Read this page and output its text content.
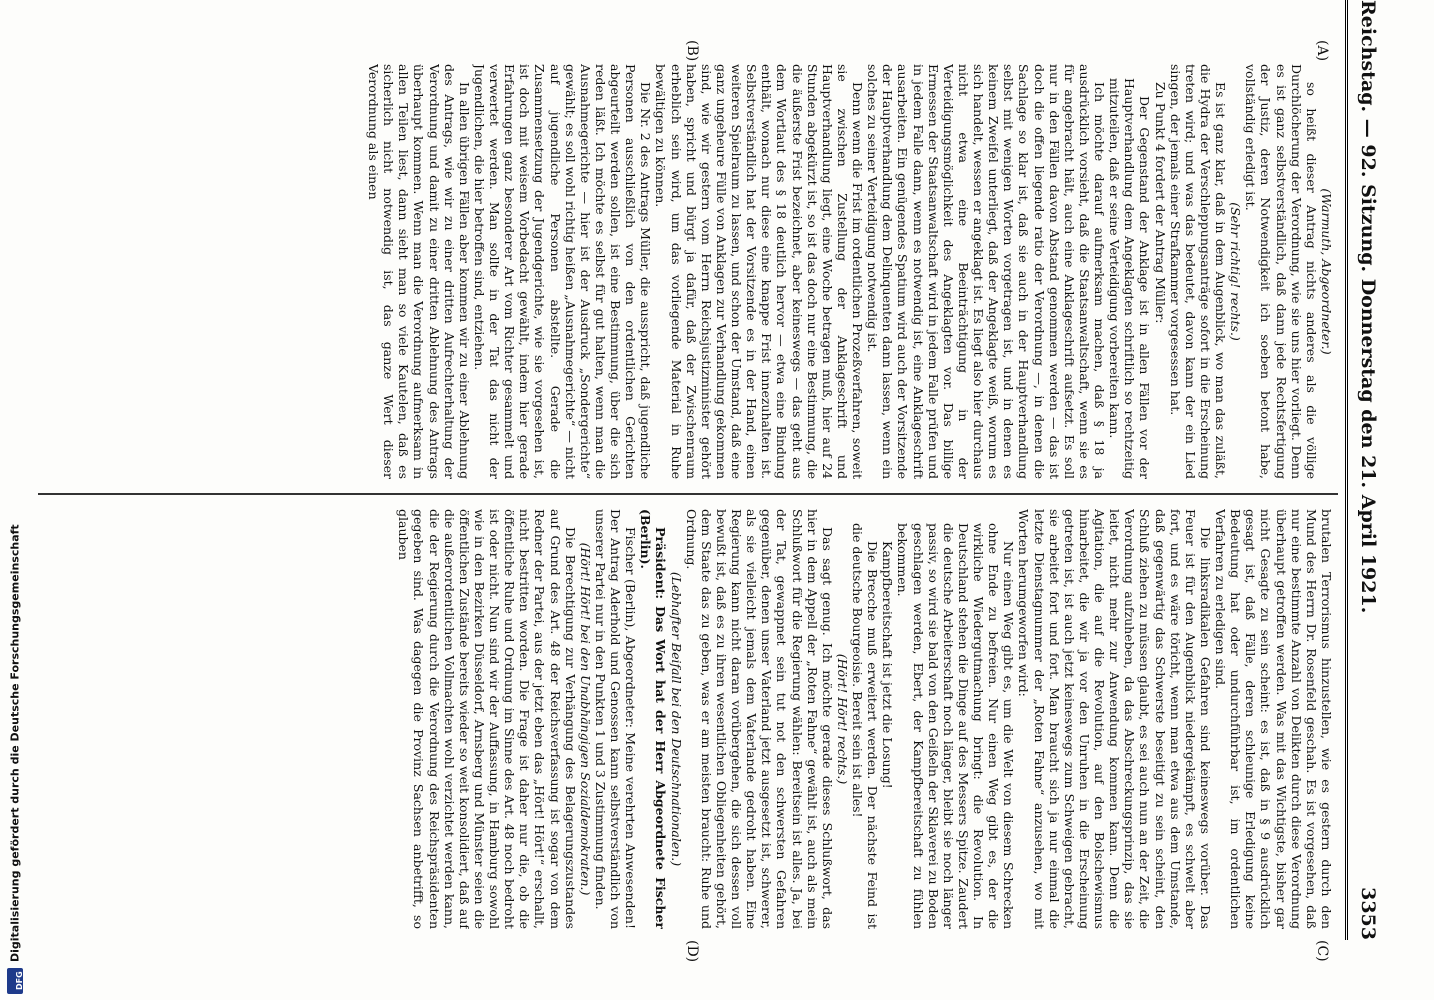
Reichstag. — 92. Sitzung. Donnerstag den 21. April 1921.
3353
(A)
(B)
(C)
(D)

(Warmuth, Abgeordneter.)

so heißt dieser Antrag nichts anderes als die völlige Durchlöcherung der Verordnung, wie sie uns hier vorliegt. Denn es ist ganz selbstverständlich, daß dann jede Rechtsfertigung der Justiz, deren Notwendigkeit ich soeben betont habe, vollständig erledigt ist.

(Sehr richtig! rechts.)

Es ist ganz klar, daß in dem Augenblick, wo man das zuläßt, die Hydra der Verschleppungsanträge sofort in die Erscheinung treten wird; und was das bedeutet, davon kann der ein Lied singen, der jemals einer Strafkammer vorgesessen hat.

Zu Punkt 4 fordert der Antrag Müller:

Der Gegenstand der Anklage ist in allen Fällen vor der Hauptverhandlung dem Angeklagten schriftlich so rechtzeitig mitzuteilen, daß er seine Verteidigung vorbereiten kann.

Ich möchte darauf aufmerksam machen, daß § 18 ja ausdrücklich vorsieht, daß die Staatsanwaltschaft, wenn sie es für angebracht hält, auch eine Anklageschrift aufsetzt. Es soll nur in den Fällen davon Abstand genommen werden — das ist doch die offen liegende ratio der Verordnung —, in denen die Sachlage so klar ist, daß sie auch in der Hauptverhandlung selbst mit wenigen Worten vorgetragen ist, und in denen es keinem Zweifel unterliegt, daß der Angeklagte weiß, worum es sich handelt, wessen er angeklagt ist. Es liegt also hier durchaus nicht etwa eine Beeinträchtigung in der Verteidigungsmöglichkeit des Angeklagten vor. Das billige Ermessen der Staatsanwaltschaft wird in jedem Falle prüfen und in jedem Falle dann, wenn es notwendig ist, eine Anklageschrift ausarbeiten. Ein genügendes Spatium wird auch der Vorsitzende der Hauptverhandlung dem Delinquenten dann lassen, wenn ein solches zu seiner Verteidigung notwendig ist.

Denn wenn die Frist im ordentlichen Prozeßverfahren, soweit sie zwischen Zustellung der Anklageschrift und Hauptverhandlung liegt, eine Woche betragen muß, hier auf 24 Stunden abgekürzt ist, so ist das doch nur eine Bestimmung, die die äußerste Frist bezeichnet, aber keineswegs — das geht aus dem Wortlaut des § 18 deutlich hervor — etwa eine Bindung enthält, wonach nur diese eine knappe Frist innezuhalten ist. Selbstverständlich hat der Vorsitzende es in der Hand, einen weiteren Spielraum zu lassen, und schon der Umstand, daß eine ganz ungeheure Fülle von Anklagen zur Verhandlung gekommen sind, wie wir gestern vom Herrn Reichsjustizminister gehört haben, spricht und bürgt ja dafür, daß der Zwischenraum erheblich sein wird, um das vorliegende Material in Ruhe bewältigen zu können.

Die Nr. 2 des Antrags Müller, die ausspricht, daß jugendliche Personen ausschließlich von den ordentlichen Gerichten abgeurteilt werden sollen, ist eine Bestimmung, über die sich reden läßt. Ich möchte es selbst für gut halten, wenn man die Ausnahmegerichte — hier ist der Ausdruck „Sondergerichte“ gewählt; es soll wohl richtig heißen „Ausnahmegerichte“ — nicht auf jugendliche Personen abstellte. Gerade die Zusammensetzung der Jugendgerichte, wie sie vorgesehen ist, ist doch mit weisem Vorbedacht gewählt, indem hier gerade Erfahrungen ganz besonderer Art vom Richter gesammelt und verwertet werden. Man sollte in der Tat das nicht der Jugendlichen, die hier betroffen sind, entziehen.

In allen übrigen Fällen aber kommen wir zu einer Ablehnung des Antrags, wie wir zu einer dritten Aufrechterhaltung der Verordnung und damit zu einer dritten Ablehnung des Antrags überhaupt kommen. Wenn man die Verordnung aufmerksam in allen Teilen liest, dann sieht man so viele Kautelen, daß es sicherlich nicht notwendig ist, das ganze Wert dieser Verordnung als einen

brutalen Terrorismus hinzustellen, wie es gestern durch den Mund des Herrn Dr. Rosenfeld geschah. Es ist vorgesehen, daß nur eine bestimmte Anzahl von Delikten durch diese Verordnung überhaupt getroffen werden. Was mit das Wichtigste, bisher gar nicht Gesagte zu sein scheint: es ist, daß in § 9 ausdrücklich gesagt ist, daß Fälle, deren schleunige Erledigung keine Bedeutung hat oder undurchführbar ist, im ordentlichen Verfahren zu erledigen sind.

Die linksradikalen Gefahren sind keineswegs vorüber. Das Feuer ist für den Augenblick niedergekämpft, es schwelt aber fort, und es wäre töricht, wenn man etwa aus dem Umstande, daß gegenwärtig das Schwerste beseitigt zu sein scheint, den Schluß ziehen zu müssen glaubt, es sei auch nun an der Zeit, die Verordnung aufzuheben, da das Abschreckungsprinzip, das sie leitet, nicht mehr zur Anwendung kommen kann. Denn die Agitation, die auf die Revolution, auf den Bolschewismus hinarbeitet, die wir ja vor den Unruhen in die Erscheinung getreten ist, ist auch jetzt keineswegs zum Schweigen gebracht, sie arbeitet fort und fort. Man braucht sich ja nur einmal die letzte Dienstagnummer der „Roten Fahne“ anzusehen, wo mit Worten herumgeworfen wird:

Nur einen Weg gibt es, um die Welt von diesem Schrecken ohne Ende zu befreien. Nur einen Weg gibt es, der die wirkliche Wiedergutmachung bringt: die Revolution. In Deutschland stehen die Dinge auf des Messers Spitze. Zaudert die deutsche Arbeiterschaft noch länger, bleibt sie noch länger passiv, so wird sie bald von den Geißeln der Sklaverei zu Boden geschlagen werden, Ebert, der Kampfbereitschaft zu fühlen bekommen.

Kampfbereitschaft ist jetzt die Losung!

Die Brecche muß erweitert werden. Der nächste Feind ist die deutsche Bourgeoisie. Bereit sein ist alles!

(Hört! Hört! rechts.)

Das sagt genug. Ich möchte gerade dieses Schlußwort, das hier in dem Appell der „Roten Fahne“ gewählt ist, auch als mein Schlußwort für die Regierung wählen: Bereitsein ist alles. Ja, bei der Tat, gewappnet sein tut not den schwersten Gefahren gegenüber, denen unser Vaterland jetzt ausgesetzt ist, schwerer, als sie vielleicht jemals dem Vaterlande gedroht haben. Eine Regierung kann nicht daran vorübergehen, die sich dessen voll bewußt ist, daß es zu ihren wesentlichen Obliegenheiten gehört, dem Staate das zu geben, was er am meisten braucht: Ruhe und Ordnung.

(Lebhafter Beifall bei den Deutschnationalen.)

Präsident: Das Wort hat der Herr Abgeordnete Fischer (Berlin).

Fischer (Berlin), Abgeordneter: Meine verehrten Anwesenden! Der Antrag Aderhold und Genossen kann selbstverständlich von unserer Partei nur in den Punkten 1 und 3 Zustimmung finden.

(Hört! Hört! bei den Unabhängigen Sozialdemokraten.)

Die Berechtigung zur Verhängung des Belagerungszustandes auf Grund des Art. 48 der Reichsverfassung ist sogar von dem Redner der Partei, aus der jetzt eben das „Hört! Hört!“ erschallt, nicht bestritten worden. Die Frage ist daher nur die, ob die öffentliche Ruhe und Ordnung im Sinne des Art. 48 noch bedroht ist oder nicht. Nun sind wir der Auffassung, in Hamburg sowohl wie in den Bezirken Düsseldorf, Arnsberg und Münster seien die öffentlichen Zustände bereits wieder so weit konsolidiert, daß auf die außerordentlichen Vollmachten wohl verzichtet werden kann, die der Regierung durch die Verordnung des Reichspräsidenten gegeben sind. Was dagegen die Provinz Sachsen anbetrifft, so glauben

DFG
Digitalisierung gefördert durch die Deutsche Forschungsgemeinschaft
